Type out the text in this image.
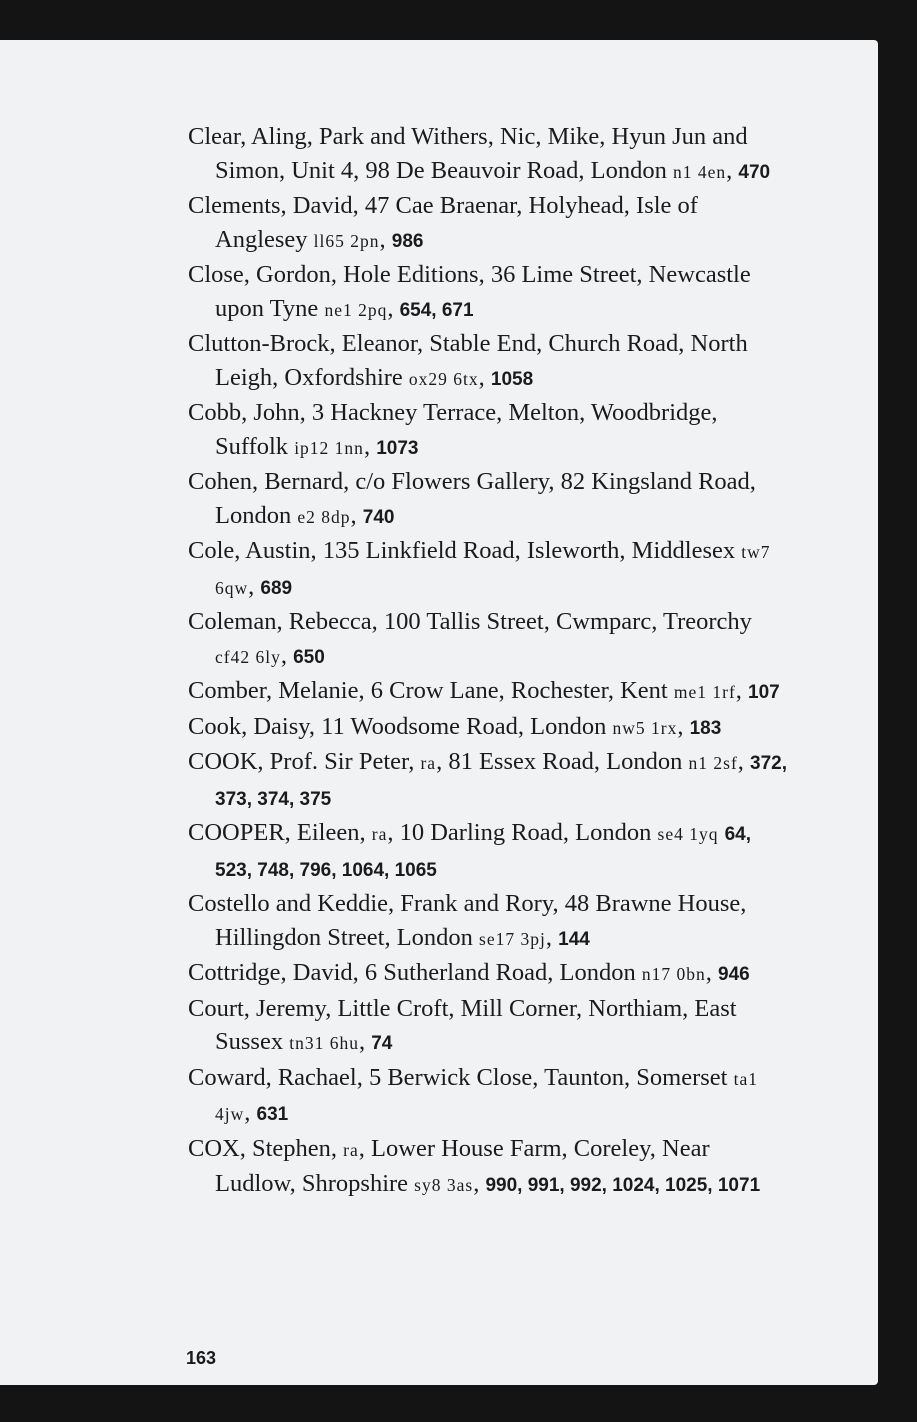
Clear, Aling, Park and Withers, Nic, Mike, Hyun Jun and Simon, Unit 4, 98 De Beauvoir Road, London n1 4en, 470
Clements, David, 47 Cae Braenar, Holyhead, Isle of Anglesey ll65 2pn, 986
Close, Gordon, Hole Editions, 36 Lime Street, Newcastle upon Tyne ne1 2pq, 654, 671
Clutton-Brock, Eleanor, Stable End, Church Road, North Leigh, Oxfordshire ox29 6tx, 1058
Cobb, John, 3 Hackney Terrace, Melton, Woodbridge, Suffolk ip12 1nn, 1073
Cohen, Bernard, c/o Flowers Gallery, 82 Kingsland Road, London e2 8dp, 740
Cole, Austin, 135 Linkfield Road, Isleworth, Middlesex tw7 6qw, 689
Coleman, Rebecca, 100 Tallis Street, Cwmparc, Treorchy cf42 6ly, 650
Comber, Melanie, 6 Crow Lane, Rochester, Kent me1 1rf, 107
Cook, Daisy, 11 Woodsome Road, London nw5 1rx, 183
COOK, Prof. Sir Peter, ra, 81 Essex Road, London n1 2sf, 372, 373, 374, 375
COOPER, Eileen, ra, 10 Darling Road, London se4 1yq 64, 523, 748, 796, 1064, 1065
Costello and Keddie, Frank and Rory, 48 Brawne House, Hillingdon Street, London se17 3pj, 144
Cottridge, David, 6 Sutherland Road, London n17 0bn, 946
Court, Jeremy, Little Croft, Mill Corner, Northiam, East Sussex tn31 6hu, 74
Coward, Rachael, 5 Berwick Close, Taunton, Somerset ta1 4jw, 631
COX, Stephen, ra, Lower House Farm, Coreley, Near Ludlow, Shropshire sy8 3as, 990, 991, 992, 1024, 1025, 1071
163
